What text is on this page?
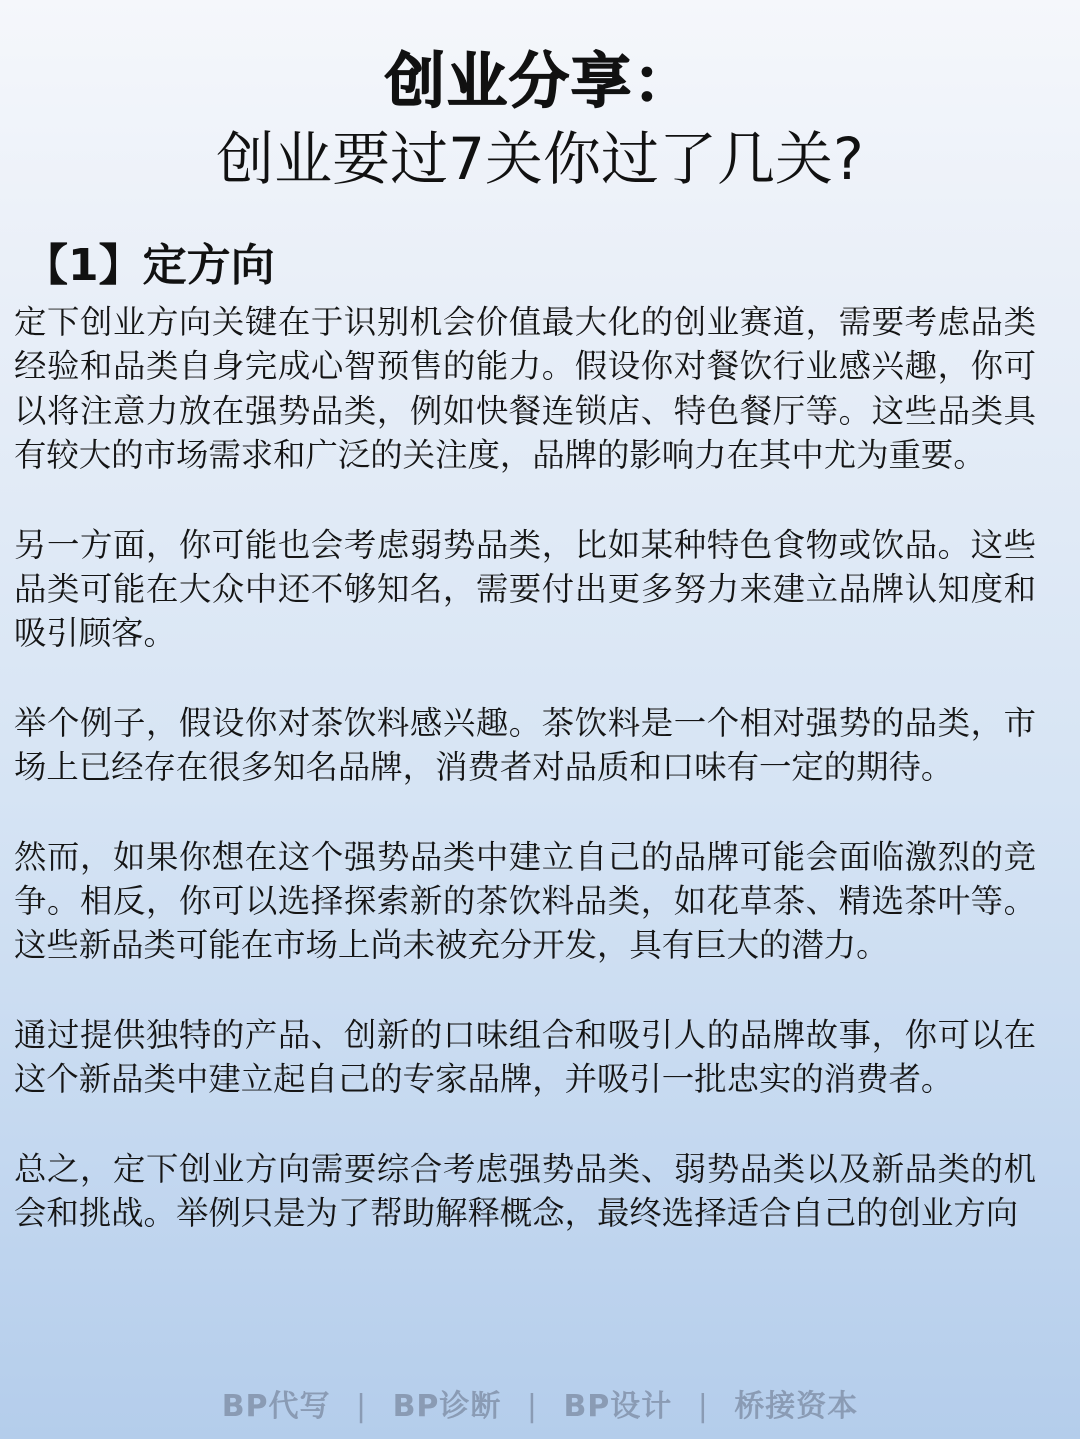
创业分享：
创业要过7关你过了几关?
【1】定方向

定下创业方向关键在于识别机会价值最大化的创业赛道，需要考虑品类经验和品类自身完成心智预售的能力。假设你对餐饮行业感兴趣，你可以将注意力放在强势品类，例如快餐连锁店、特色餐厅等。这些品类具有较大的市场需求和广泛的关注度，品牌的影响力在其中尤为重要。

另一方面，你可能也会考虑弱势品类，比如某种特色食物或饮品。这些品类可能在大众中还不够知名，需要付出更多努力来建立品牌认知度和吸引顾客。

举个例子，假设你对茶饮料感兴趣。茶饮料是一个相对强势的品类，市场上已经存在很多知名品牌，消费者对品质和口味有一定的期待。

然而，如果你想在这个强势品类中建立自己的品牌可能会面临激烈的竞争。相反，你可以选择探索新的茶饮料品类，如花草茶、精选茶叶等。这些新品类可能在市场上尚未被充分开发，具有巨大的潜力。

通过提供独特的产品、创新的口味组合和吸引人的品牌故事，你可以在这个新品类中建立起自己的专家品牌，并吸引一批忠实的消费者。

总之，定下创业方向需要综合考虑强势品类、弱势品类以及新品类的机会和挑战。举例只是为了帮助解释概念，最终选择适合自己的创业方向

BP代写 | BP诊断 | BP设计 | 桥接资本
